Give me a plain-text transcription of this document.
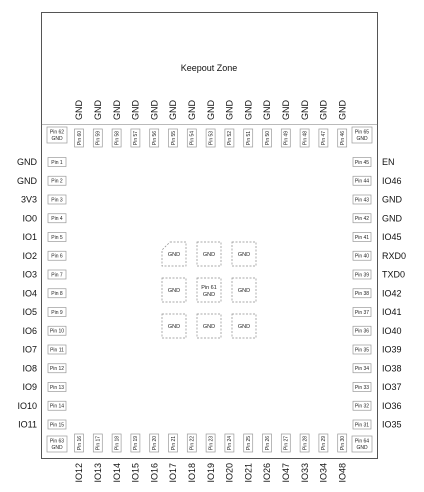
Keepout Zone
Pin 1
GND
Pin 2
GND
Pin 3
3V3
Pin 4
IO0
Pin 5
IO1
Pin 6
IO2
Pin 7
IO3
Pin 8
IO4
Pin 9
IO5
Pin 10
IO6
Pin 11
IO7
Pin 12
IO8
Pin 13
IO9
Pin 14
IO10
Pin 15
IO11
Pin 45 EN
Pin 44 IO46
Pin 43 GND
Pin 42 GND
Pin 41 IO45
Pin 40 RXD0
Pin 39 TXD0
Pin 38 IO42
Pin 37 IO41
Pin 36 IO40
Pin 35 IO39
Pin 34 IO38
Pin 33 IO37
Pin 32 IO36
Pin 31 IO35
Pin 60
GND
Pin 59
GND
Pin 58
GND
Pin 57
GND
Pin 56
GND
Pin 55
GND
Pin 54
GND
Pin 53
GND
Pin 52
GND
Pin 51
GND
Pin 50
GND
Pin 49
GND
Pin 48
GND
Pin 47
GND
Pin 46
GND
Pin 16
IO12
Pin 17
IO13
Pin 18
IO14
Pin 19
IO15
Pin 20
IO16
Pin 21
IO17
Pin 22
IO18
Pin 23
IO19
Pin 24
IO20
Pin 25
IO21
Pin 26
IO26
Pin 27
IO47
Pin 28
IO33
Pin 29
IO34
Pin 30
IO48
Pin 62
GND
Pin 65
GND
Pin 63
GND
Pin 64
GND
GND	GND	GND
GND	Pin 61
GND
GND
GND	GND	GND
